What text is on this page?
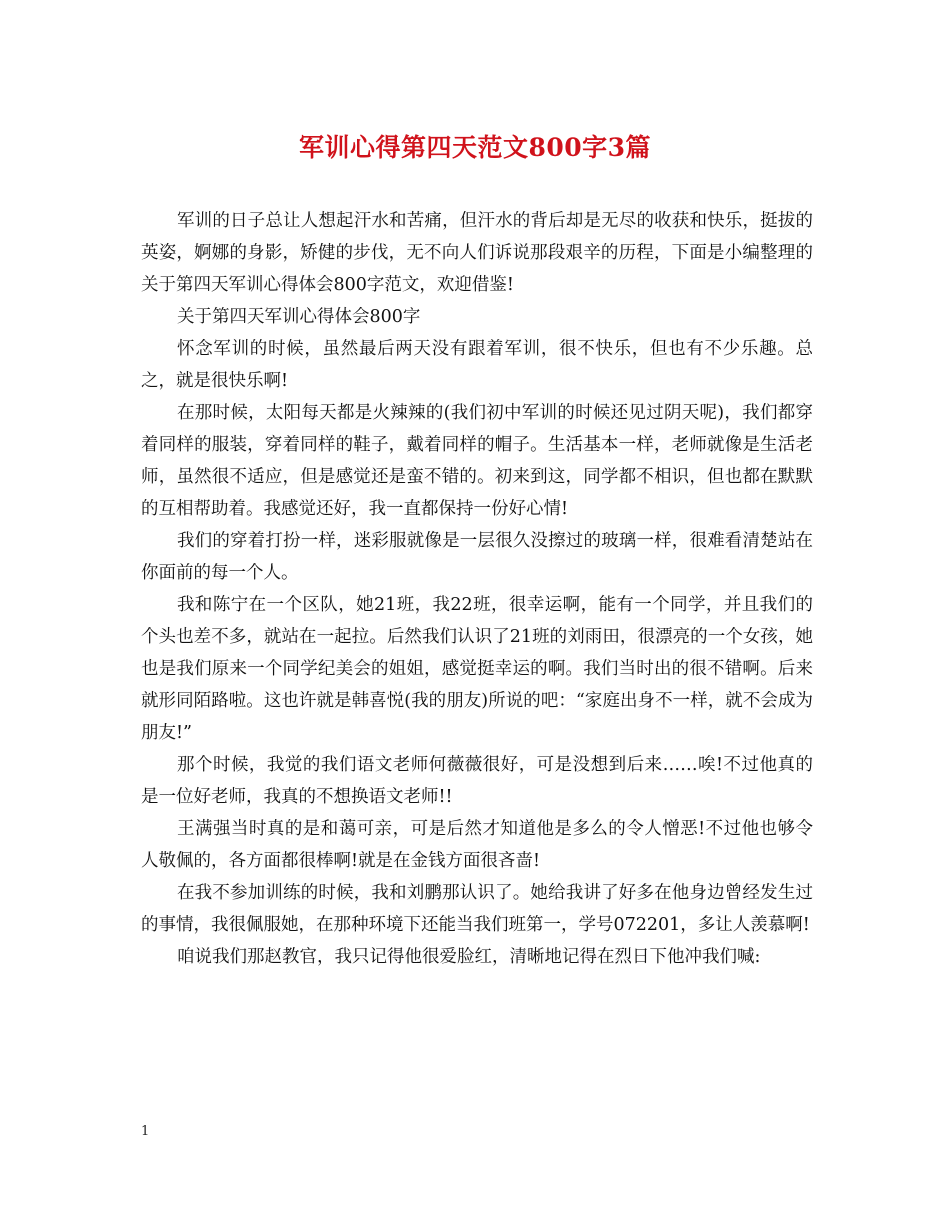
军训心得第四天范文800字3篇

军训的日子总让人想起汗水和苦痛，但汗水的背后却是无尽的收获和快乐，挺拔的英姿，婀娜的身影，矫健的步伐，无不向人们诉说那段艰辛的历程，下面是小编整理的关于第四天军训心得体会800字范文，欢迎借鉴!

关于第四天军训心得体会800字

怀念军训的时候，虽然最后两天没有跟着军训，很不快乐，但也有不少乐趣。总之，就是很快乐啊!

在那时候，太阳每天都是火辣辣的(我们初中军训的时候还见过阴天呢)，我们都穿着同样的服装，穿着同样的鞋子，戴着同样的帽子。生活基本一样，老师就像是生活老师，虽然很不适应，但是感觉还是蛮不错的。初来到这，同学都不相识，但也都在默默的互相帮助着。我感觉还好，我一直都保持一份好心情!

我们的穿着打扮一样，迷彩服就像是一层很久没擦过的玻璃一样，很难看清楚站在你面前的每一个人。

我和陈宁在一个区队，她21班，我22班，很幸运啊，能有一个同学，并且我们的个头也差不多，就站在一起拉。后然我们认识了21班的刘雨田，很漂亮的一个女孩，她也是我们原来一个同学纪美会的姐姐，感觉挺幸运的啊。我们当时出的很不错啊。后来就形同陌路啦。这也许就是韩喜悦(我的朋友)所说的吧：“家庭出身不一样，就不会成为朋友!”

那个时候，我觉的我们语文老师何薇薇很好，可是没想到后来……唉!不过他真的是一位好老师，我真的不想换语文老师!!

王满强当时真的是和蔼可亲，可是后然才知道他是多么的令人憎恶!不过他也够令人敬佩的，各方面都很棒啊!就是在金钱方面很吝啬!

在我不参加训练的时候，我和刘鹏那认识了。她给我讲了好多在他身边曾经发生过的事情，我很佩服她，在那种环境下还能当我们班第一，学号072201，多让人羡慕啊!

咱说我们那赵教官，我只记得他很爱脸红，清晰地记得在烈日下他冲我们喊:

1
